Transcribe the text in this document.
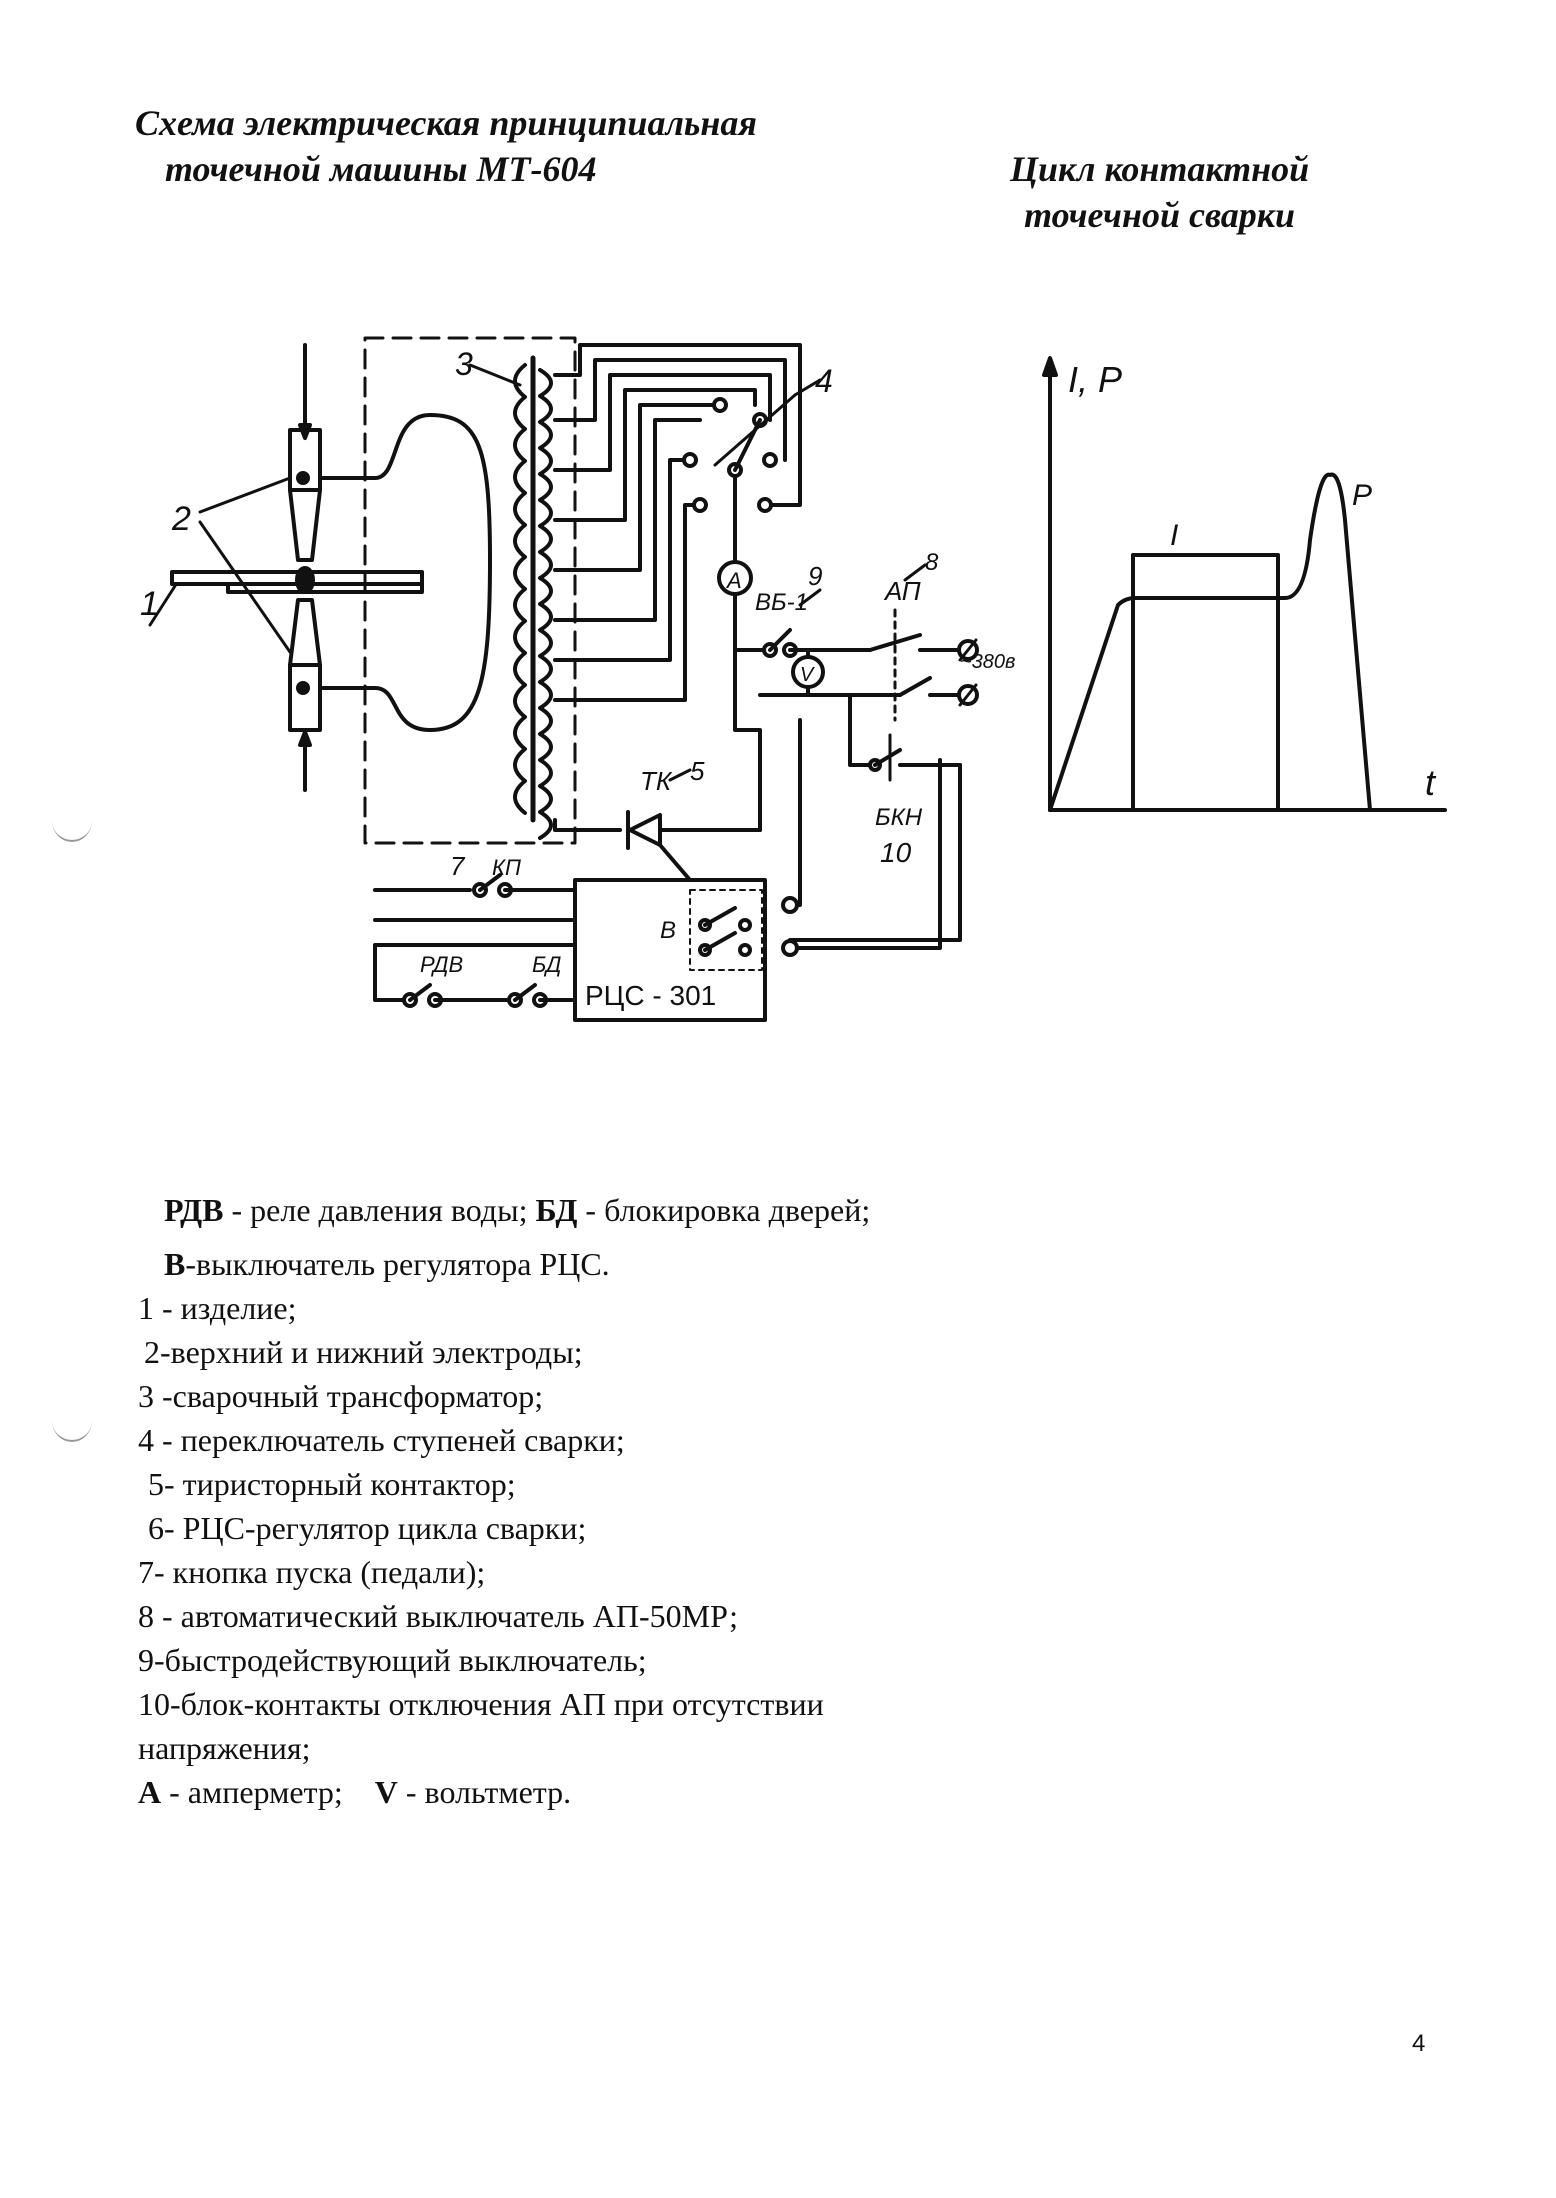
Схема электрическая принципиальная
точечной машины МТ-604	Цикл контактной
точечной сварки
1
2
3	4
A
ВБ-1
9
V
АП
8
~380в
БКН
10
ТК 5
РЦС - 301
В
7 КП
РДВ	БД
I, P
t
I
P
РДВ - реле давления воды; БД - блокировка дверей;
В-выключатель регулятора РЦС.
1 - изделие;
2-верхний и нижний электроды;
3 -сварочный трансформатор;
4 - переключатель ступеней сварки;
5- тиристорный контактор;
6- РЦС-регулятор цикла сварки;
7- кнопка пуска (педали);
8 - автоматический выключатель АП-50МР;
9-быстродействующий выключатель;
10-блок-контакты отключения АП при отсутствии
напряжения;
А - амперметр;    V - вольтметр.
4
